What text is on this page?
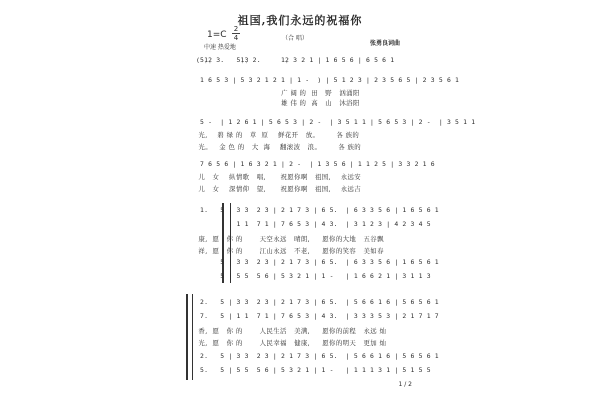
祖国,我们永远的祝福你
1=C
2
4
中速 热爱地
（合 唱）
张勇良词曲
(5̣1̣2 3.   5̣1̣3 2.     1̣2 3 2 1 | 1 6 5 6 | 6 5 6 1
1 6 5 3 | 5 3 2 1 2 1 | 1 -  ) | 5 1 2 3 | 2 3 5 6 5 | 2 3 5 6 1
广 阔 的  田   野   汹涌阳
雄 伟 的  高   山   沐浴阳
5 -  | 1 2 6 1 | 5 6 5 3 | 2 -  | 3 5 1 1 | 5 6 5 3 | 2 -  | 3 5 1 1
光,    碧 绿 的   草  原    鲜花开   放。       各 族的
光。   金 色 的   大  海    翻滚波   浪。       各 族的
7 6 5 6 | 1 6 3 2 1 | 2 -  | 1 3 5 6 | 1 1 2 5 | 3 3 2 1 6
儿   女    纵情歌   唱,      祝愿你啊   祖国,    永远安
儿   女    深情仰   望,      祝愿你啊   祖国,    永远吉
1.   5 | 3 3  2 3 | 2 1 7 3 | 6 5.  | 6 3 3 5 6 | 1 6 5 6 1
1 1  7 1 | 7 6 5 3 | 4 3.  | 3 1 2 3 | 4 2 3 4 5
康,  愿   你 的       天空永远   晴朗,     愿你的大地   五谷飘
祥,  愿   你 的       江山永远   不老,     愿你的笑容   美如春
5 | 3 3  2 3 | 2 1 7 3 | 6 5.  | 6 3 3 5 6 | 1 6 5 6 1
5 | 5 5  5 6 | 5 3 2 1 | 1 -   | 1 6 6 2 1 | 3 1 1 3
2.   5 | 3 3  2 3 | 2 1 7 3 | 6 5.  | 5 6 6 1 6 | 5 6 5 6 1
7.   5 | 1 1  7 1 | 7 6 5 3 | 4 3.  | 3 3 3 5 3 | 2 1 7 1 7
香,  愿   你 的       人民生活   美满,     愿你的前程   永远 灿
光,  愿   你 的       人民幸福   健康,     愿你的明天   更加 灿
2.   5 | 3 3  2 3 | 2 1 7 3 | 6 5.  | 5 6 6 1 6 | 5 6 5 6 1
5.   5 | 5 5  5 6 | 5 3 2 1 | 1 -   | 1 1 1 3 1 | 5 1 5 5
1 / 2
